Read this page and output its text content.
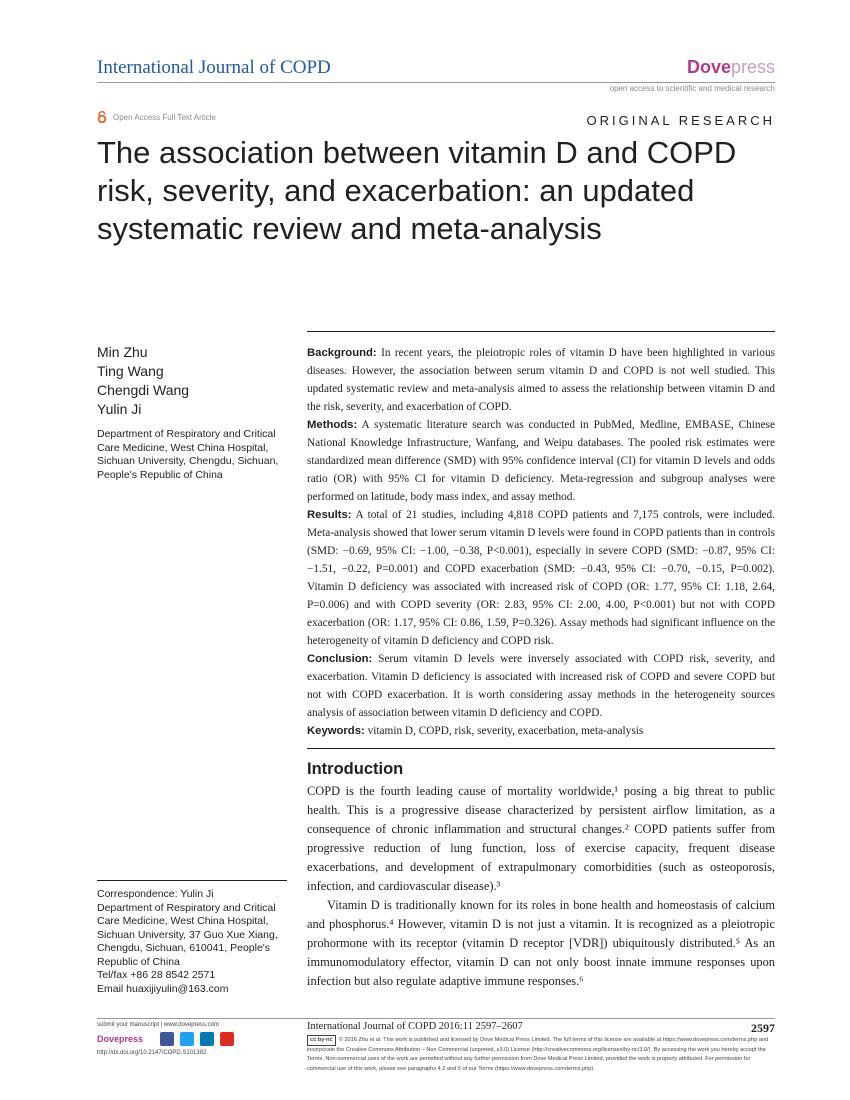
International Journal of COPD	Dovepress
open access to scientific and medical research
Open Access Full Text Article	ORIGINAL RESEARCH
The association between vitamin D and COPD risk, severity, and exacerbation: an updated systematic review and meta-analysis
Min Zhu
Ting Wang
Chengdi Wang
Yulin Ji
Department of Respiratory and Critical Care Medicine, West China Hospital, Sichuan University, Chengdu, Sichuan, People's Republic of China

Background: In recent years, the pleiotropic roles of vitamin D have been highlighted in various diseases. However, the association between serum vitamin D and COPD is not well studied. This updated systematic review and meta-analysis aimed to assess the relationship between vitamin D and the risk, severity, and exacerbation of COPD.

Methods: A systematic literature search was conducted in PubMed, Medline, EMBASE, Chinese National Knowledge Infrastructure, Wanfang, and Weipu databases. The pooled risk estimates were standardized mean difference (SMD) with 95% confidence interval (CI) for vitamin D levels and odds ratio (OR) with 95% CI for vitamin D deficiency. Meta-regression and subgroup analyses were performed on latitude, body mass index, and assay method.

Results: A total of 21 studies, including 4,818 COPD patients and 7,175 controls, were included. Meta-analysis showed that lower serum vitamin D levels were found in COPD patients than in controls (SMD: −0.69, 95% CI: −1.00, −0.38, P<0.001), especially in severe COPD (SMD: −0.87, 95% CI: −1.51, −0.22, P=0.001) and COPD exacerbation (SMD: −0.43, 95% CI: −0.70, −0.15, P=0.002). Vitamin D deficiency was associated with increased risk of COPD (OR: 1.77, 95% CI: 1.18, 2.64, P=0.006) and with COPD severity (OR: 2.83, 95% CI: 2.00, 4.00, P<0.001) but not with COPD exacerbation (OR: 1.17, 95% CI: 0.86, 1.59, P=0.326). Assay methods had significant influence on the heterogeneity of vitamin D deficiency and COPD risk.

Conclusion: Serum vitamin D levels were inversely associated with COPD risk, severity, and exacerbation. Vitamin D deficiency is associated with increased risk of COPD and severe COPD but not with COPD exacerbation. It is worth considering assay methods in the heterogeneity sources analysis of association between vitamin D deficiency and COPD.

Keywords: vitamin D, COPD, risk, severity, exacerbation, meta-analysis

Introduction

COPD is the fourth leading cause of mortality worldwide,¹ posing a big threat to public health. This is a progressive disease characterized by persistent airflow limitation, as a consequence of chronic inflammation and structural changes.² COPD patients suffer from progressive reduction of lung function, loss of exercise capacity, frequent disease exacerbations, and development of extrapulmonary comorbidities (such as osteoporosis, infection, and cardiovascular disease).³

Vitamin D is traditionally known for its roles in bone health and homeostasis of calcium and phosphorus.⁴ However, vitamin D is not just a vitamin. It is recognized as a pleiotropic prohormone with its receptor (vitamin D receptor [VDR]) ubiquitously distributed.⁵ As an immunomodulatory effector, vitamin D can not only boost innate immune responses upon infection but also regulate adaptive immune responses.⁶

Correspondence: Yulin Ji
Department of Respiratory and Critical Care Medicine, West China Hospital, Sichuan University, 37 Guo Xue Xiang, Chengdu, Sichuan, 610041, People's Republic of China
Tel/fax +86 28 8542 2571
Email huaxijiyulin@163.com
submit your manuscript | www.dovepress.com
Dovepress
http://dx.doi.org/10.2147/COPD.S101382
International Journal of COPD 2016:11 2597–2607	2597
cc by-nc © 2016 Zhu et al. This work is published and licensed by Dove Medical Press Limited. The full terms of this license are available at https://www.dovepress.com/terms.php and incorporate the Creative Commons Attribution – Non Commercial (unported, v3.0) License (http://creativecommons.org/licenses/by-nc/3.0/). By accessing the work you hereby accept the Terms. Non-commercial uses of the work are permitted without any further permission from Dove Medical Press Limited, provided the work is properly attributed. For permission for commercial use of this work, please see paragraphs 4.2 and 5 of our Terms (https://www.dovepress.com/terms.php).
